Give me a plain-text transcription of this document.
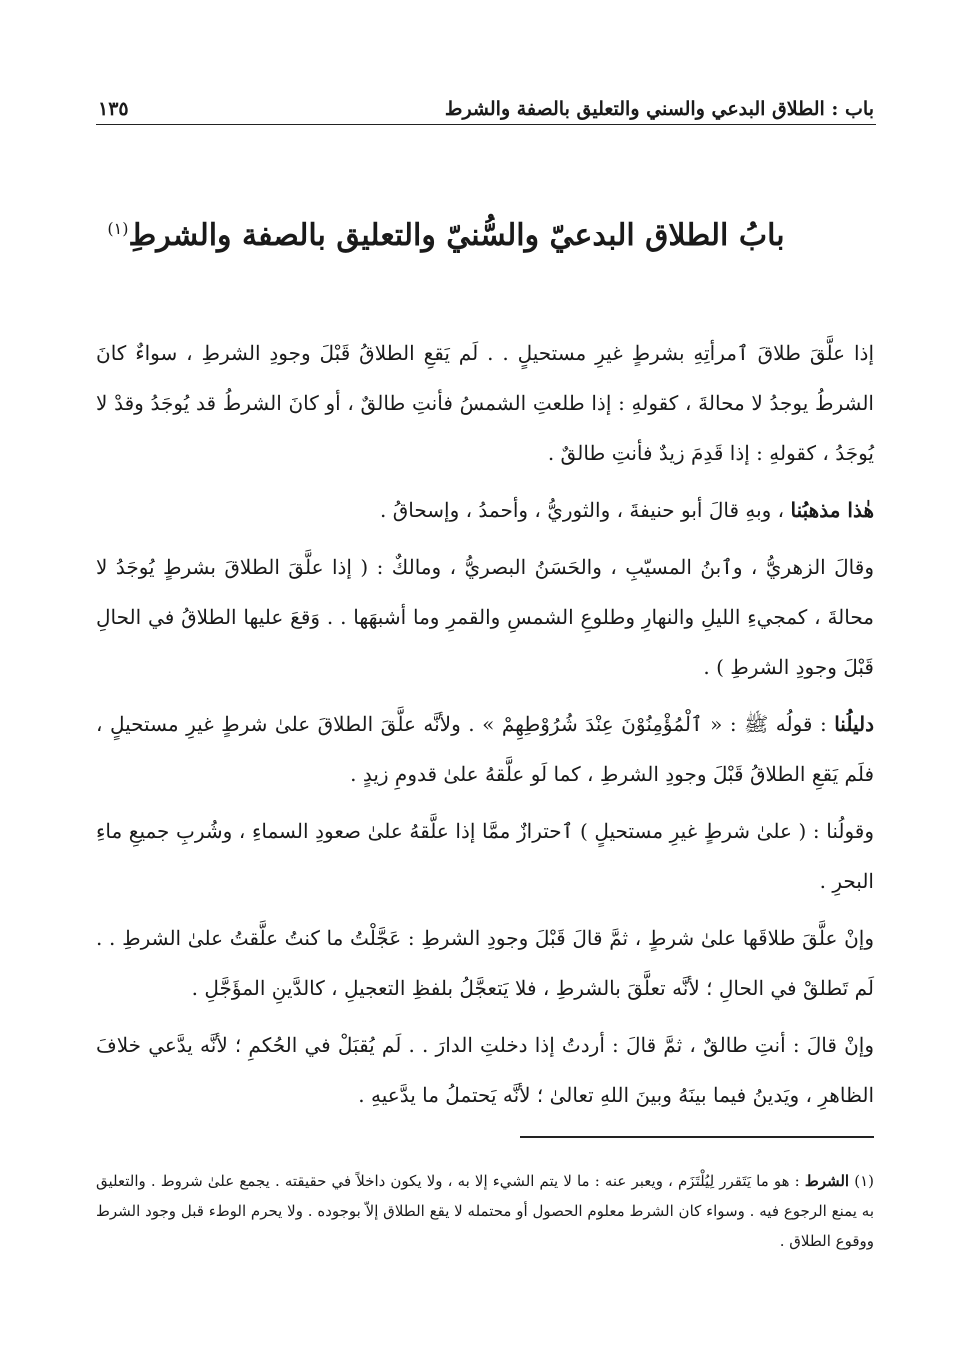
باب : الطلاق البدعي والسني والتعليق بالصفة والشرط
١٣٥
بابُ الطلاق البدعيّ والسُّنيّ والتعليق بالصفة والشرطِ$^{(١)}$

إذا علَّقَ طلاقَ ٱمرأتِهِ بشرطٍ غيرِ مستحيلٍ . . لَم يَقعِ الطلاقُ قَبْلَ وجودِ الشرطِ ، سواءٌ كانَ الشرطُ يوجدُ لا محالةَ ، كقولهِ : إذا طلعتِ الشمسُ فأنتِ طالقٌ ، أو كانَ الشرطُ قد يُوجَدُ وقدْ لا يُوجَدُ ، كقولهِ : إذا قَدِمَ زيدٌ فأنتِ طالقٌ .

هٰذا مذهبُنا ، وبهِ قالَ أبو حنيفةَ ، والثوريُّ ، وأحمدُ ، وإسحاقُ .

وقالَ الزهريُّ ، وٱبنُ المسيّبِ ، والحَسَنُ البصريُّ ، ومالكٌ : ( إذا علَّقَ الطلاقَ بشرطٍ يُوجَدُ لا محالةَ ، كمجيءِ الليلِ والنهارِ وطلوعِ الشمسِ والقمرِ وما أشبهَها . . وَقعَ عليها الطلاقُ في الحالِ قَبْلَ وجودِ الشرطِ ) .

دليلُنا : قولُه ﷺ : « ٱلْمُؤْمِنُوْنَ عِنْدَ شُرُوْطِهِمْ » . ولأنَّه علَّقَ الطلاقَ علىٰ شرطٍ غيرِ مستحيلٍ ، فلَم يَقعِ الطلاقُ قَبْلَ وجودِ الشرطِ ، كما لَو علَّقهُ علىٰ قدومِ زيدٍ .

وقولُنا : ( علىٰ شرطٍ غيرِ مستحيلٍ ) ٱحترازٌ ممَّا إذا علَّقهُ علىٰ صعودِ السماءِ ، وشُربِ جميعِ ماءِ البحرِ .

وإنْ علَّقَ طلاقَها علىٰ شرطٍ ، ثمَّ قالَ قَبْلَ وجودِ الشرطِ : عَجَّلْتُ ما كنتُ علَّقتُ علىٰ الشرطِ . . لَم تَطلقْ في الحالِ ؛ لأنَّه تعلَّقَ بالشرطِ ، فلا يَتعجَّلُ بلفظِ التعجيلِ ، كالدَّينِ المؤَجَّلِ .

وإنْ قالَ : أنتِ طالقٌ ، ثمَّ قالَ : أردتُ إذا دخلتِ الدارَ . . لَم يُقبَلْ في الحُكمِ ؛ لأنَّه يدَّعي خلافَ الظاهرِ ، ويَدينُ فيما بينَهُ وبينَ اللهِ تعالىٰ ؛ لأنَّه يَحتملُ ما يدَّعيهِ .

(١) الشرط : هو ما يَتَقرر لِيُلْتَزَم ، ويعبر عنه : ما لا يتم الشيء إلا به ، ولا يكون داخلاً في حقيقته . يجمع علىٰ شروط . والتعليق به يمنع الرجوع فيه . وسواء كان الشرط معلوم الحصول أو محتمله لا يقع الطلاق إلاّ بوجوده . ولا يحرم الوطء قبل وجود الشرط ووقوع الطلاق .
